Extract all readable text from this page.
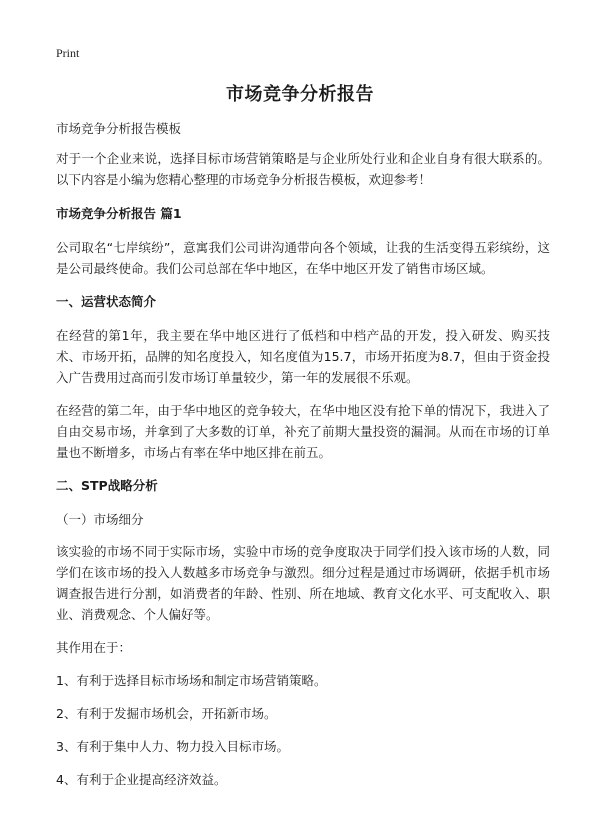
Print
市场竞争分析报告

市场竞争分析报告模板

对于一个企业来说，选择目标市场营销策略是与企业所处行业和企业自身有很大联系的。以下内容是小编为您精心整理的市场竞争分析报告模板，欢迎参考！

市场竞争分析报告 篇1

公司取名“七岸缤纷”，意寓我们公司讲沟通带向各个领域，让我的生活变得五彩缤纷，这是公司最终使命。我们公司总部在华中地区，在华中地区开发了销售市场区域。

一、运营状态简介

在经营的第1年，我主要在华中地区进行了低档和中档产品的开发，投入研发、购买技术、市场开拓，品牌的知名度投入，知名度值为15.7，市场开拓度为8.7，但由于资金投入广告费用过高而引发市场订单量较少，第一年的发展很不乐观。

在经营的第二年，由于华中地区的竞争较大，在华中地区没有抢下单的情况下，我进入了自由交易市场，并拿到了大多数的订单，补充了前期大量投资的漏洞。从而在市场的订单量也不断增多，市场占有率在华中地区排在前五。

二、STP战略分析

（一）市场细分

该实验的市场不同于实际市场，实验中市场的竞争度取决于同学们投入该市场的人数，同学们在该市场的投入人数越多市场竞争与激烈。细分过程是通过市场调研，依据手机市场调查报告进行分割，如消费者的年龄、性别、所在地域、教育文化水平、可支配收入、职业、消费观念、个人偏好等。

其作用在于：

1、有利于选择目标市场场和制定市场营销策略。

2、有利于发掘市场机会，开拓新市场。

3、有利于集中人力、物力投入目标市场。

4、有利于企业提高经济效益。
